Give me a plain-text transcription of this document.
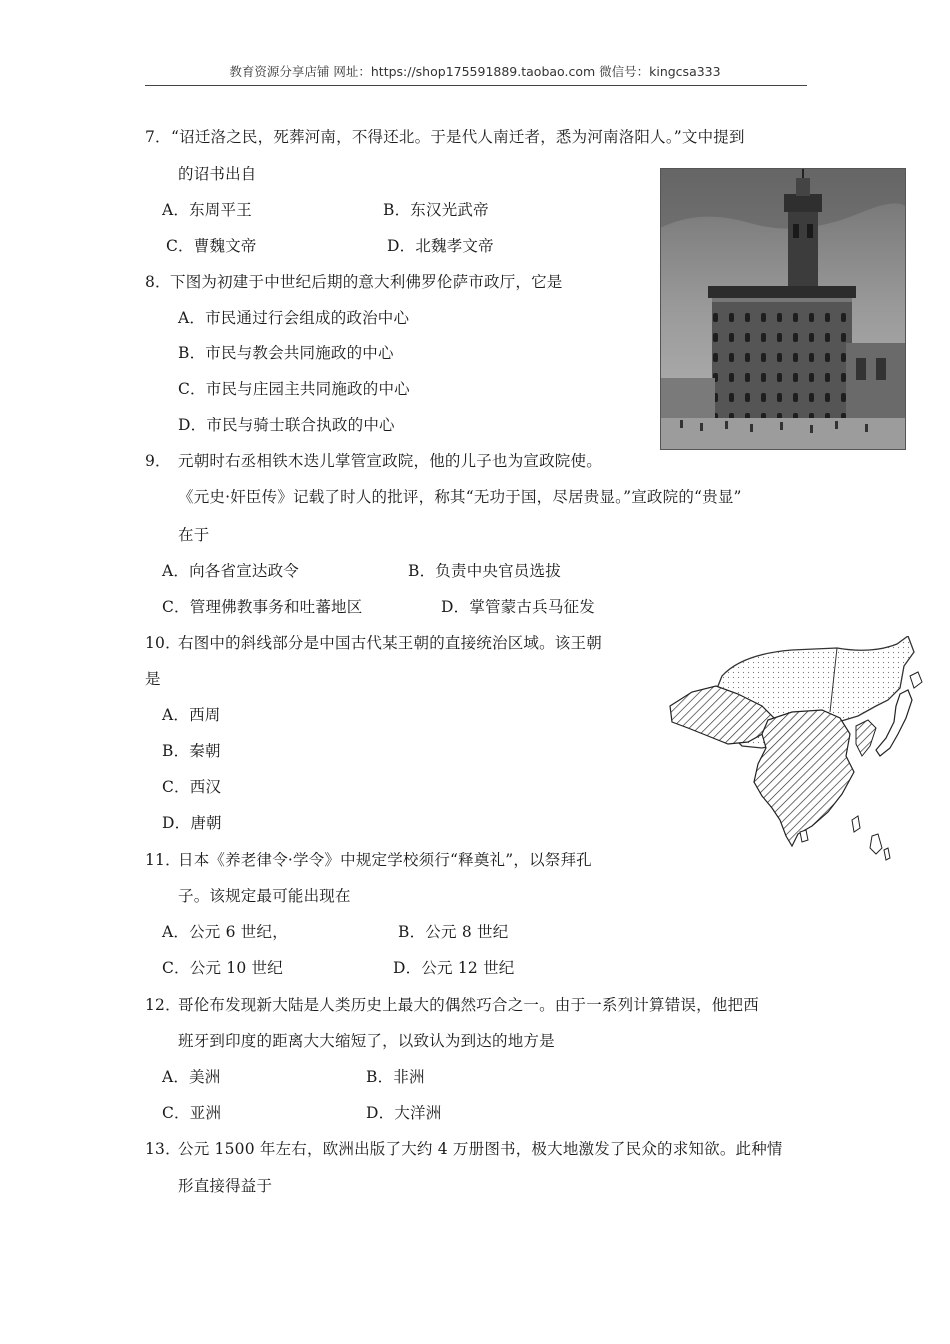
教育资源分享店铺 网址：https://shop175591889.taobao.com 微信号：kingcsa333
7． “诏迁洛之民，死葬河南，不得还北。于是代人南迁者，悉为河南洛阳人。”文中提到
的诏书出自
A．东周平王	B．东汉光武帝
C．曹魏文帝	D．北魏孝文帝
8． 下图为初建于中世纪后期的意大利佛罗伦萨市政厅，它是
A．市民通过行会组成的政治中心
B．市民与教会共同施政的中心
C．市民与庄园主共同施政的中心
D．市民与骑士联合执政的中心
9． 元朝时右丞相铁木迭儿掌管宣政院，他的儿子也为宣政院使。
《元史·奸臣传》记载了时人的批评，称其“无功于国，尽居贵显。”宣政院的“贵显”
在于
A．向各省宣达政令	B．负责中央官员选拔
C．管理佛教事务和吐蕃地区	D．掌管蒙古兵马征发
10．
右图中的斜线部分是中国古代某王朝的直接统治区域。该王朝
是
A．西周
B．秦朝
C．西汉
D．唐朝
11．
日本《养老律令·学令》中规定学校须行“释奠礼”，以祭拜孔
子。该规定最可能出现在
A．公元 6 世纪，	B．公元 8 世纪
C．公元 10 世纪	D．公元 12 世纪
12．
哥伦布发现新大陆是人类历史上最大的偶然巧合之一。由于一系列计算错误，他把西
班牙到印度的距离大大缩短了，以致认为到达的地方是
A．美洲	B．非洲
C．亚洲	D．大洋洲
13．
公元 1500 年左右，欧洲出版了大约 4 万册图书，极大地激发了民众的求知欲。此种情
形直接得益于
